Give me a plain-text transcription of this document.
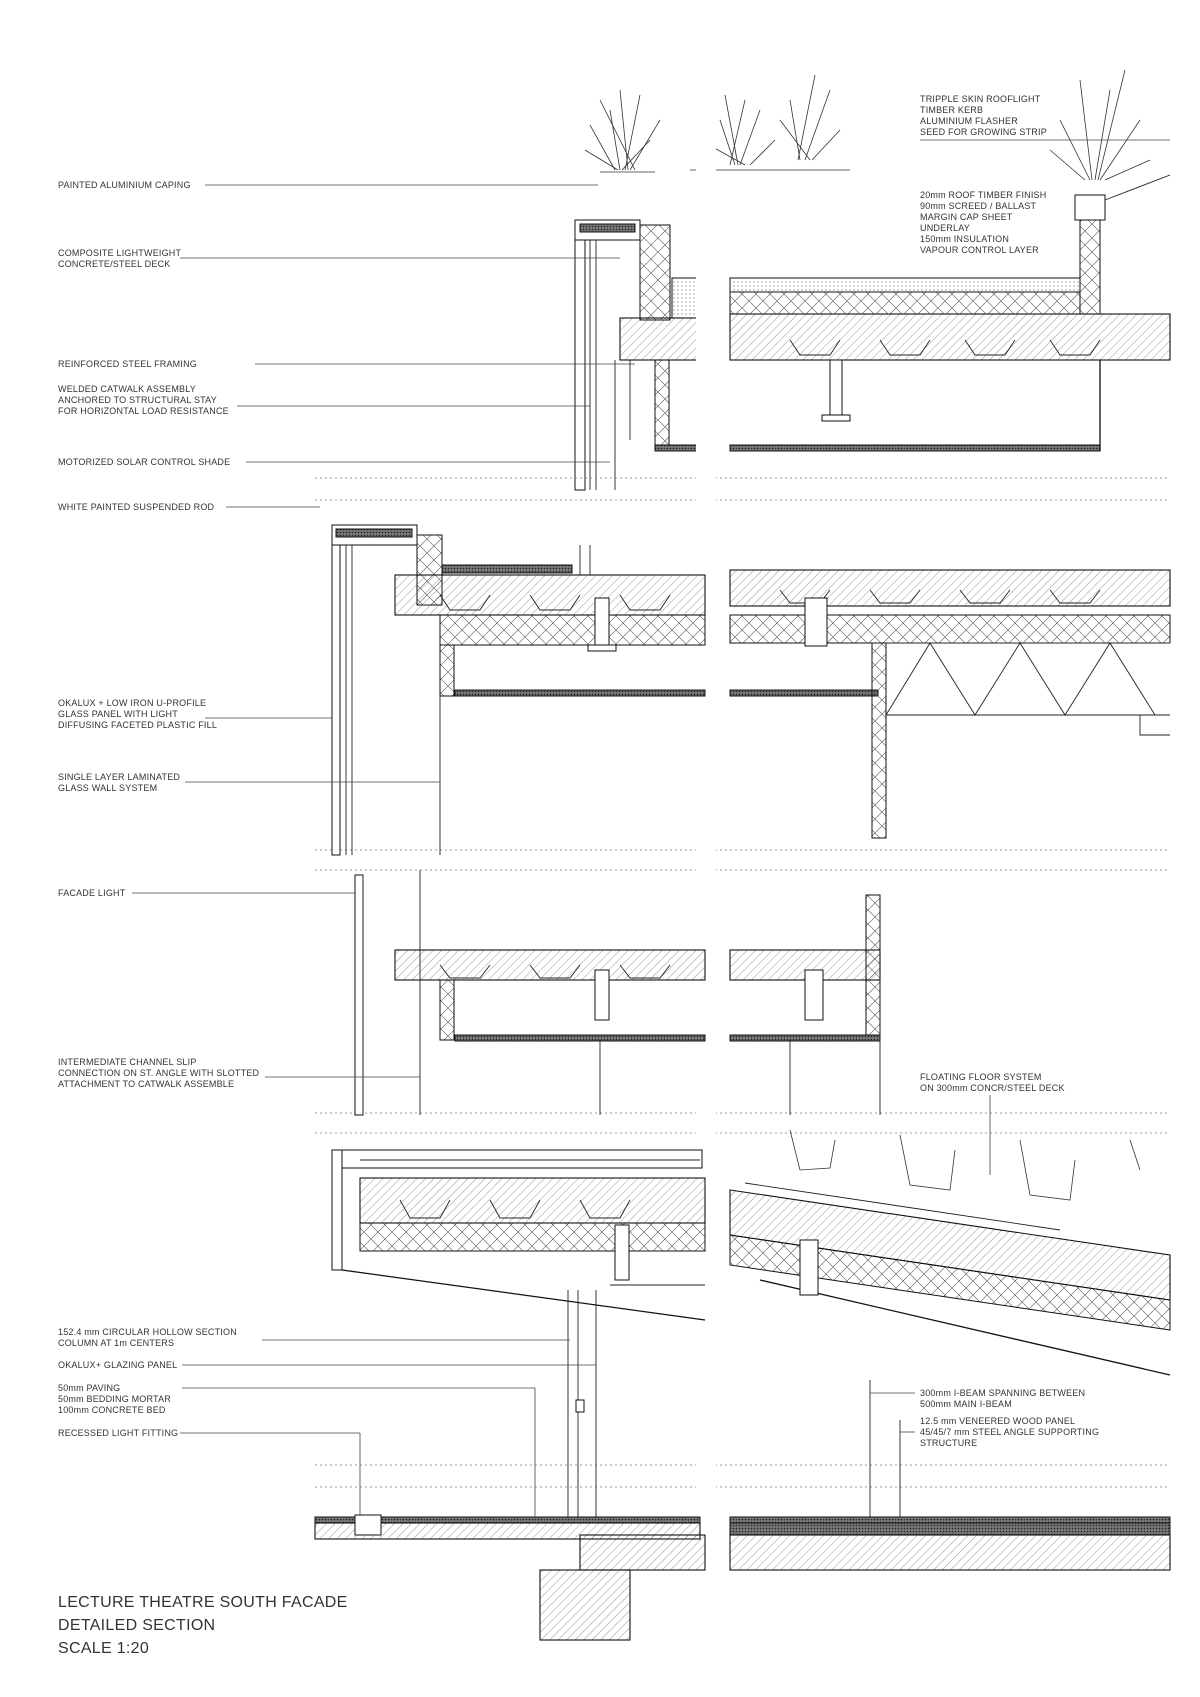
PAINTED ALUMINIUM CAPING
COMPOSITE LIGHTWEIGHT CONCRETE/STEEL DECK
REINFORCED STEEL FRAMING
WELDED CATWALK ASSEMBLY ANCHORED TO STRUCTURAL STAY FOR HORIZONTAL LOAD RESISTANCE
MOTORIZED SOLAR CONTROL SHADE
WHITE PAINTED SUSPENDED ROD
OKALUX + LOW IRON U-PROFILE GLASS PANEL WITH LIGHT DIFFUSING FACETED PLASTIC FILL
SINGLE LAYER LAMINATED GLASS WALL SYSTEM
FACADE LIGHT
INTERMEDIATE CHANNEL SLIP CONNECTION ON ST. ANGLE WITH SLOTTED ATTACHMENT TO CATWALK ASSEMBLE
152.4 mm CIRCULAR HOLLOW SECTION COLUMN AT 1m CENTERS
OKALUX+ GLAZING PANEL
50mm PAVING 50mm BEDDING MORTAR 100mm CONCRETE BED
RECESSED LIGHT FITTING
TRIPPLE SKIN ROOFLIGHT TIMBER KERB ALUMINIUM FLASHER SEED FOR GROWING STRIP
20mm ROOF TIMBER FINISH 90mm SCREED / BALLAST MARGIN CAP SHEET UNDERLAY 150mm INSULATION VAPOUR CONTROL LAYER
FLOATING FLOOR SYSTEM ON 300mm CONCR/STEEL DECK
300mm I-BEAM SPANNING BETWEEN 500mm MAIN I-BEAM
12.5 mm VENEERED WOOD PANEL 45/45/7 mm STEEL ANGLE SUPPORTING STRUCTURE
LECTURE THEATRE SOUTH FACADE
DETAILED SECTION
SCALE 1:20
